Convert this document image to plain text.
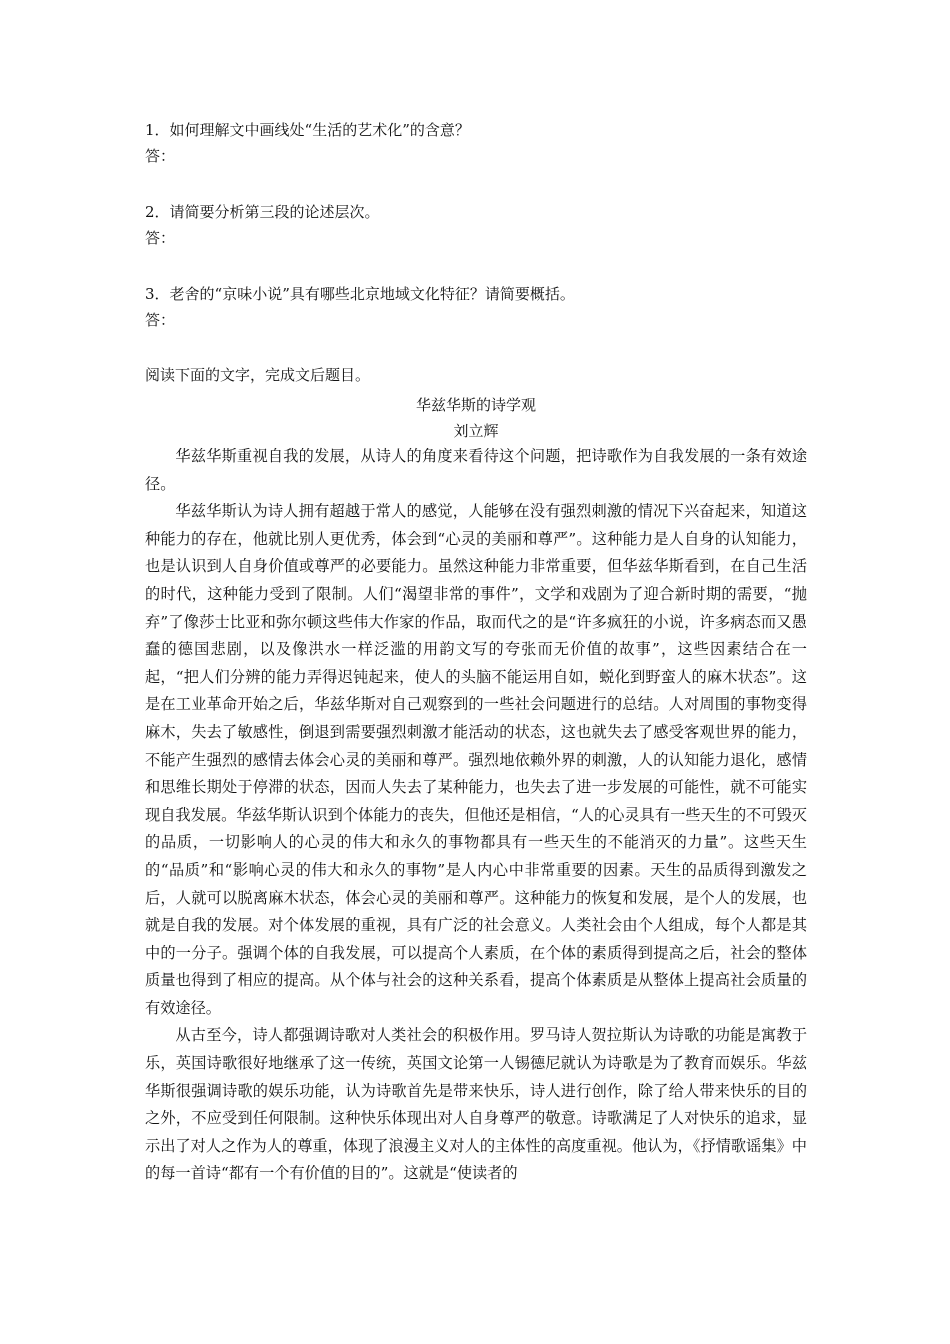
1．如何理解文中画线处“生活的艺术化”的含意？
答：
2．请简要分析第三段的论述层次。
答：
3．老舍的“京味小说”具有哪些北京地域文化特征？请简要概括。
答：
阅读下面的文字，完成文后题目。
华兹华斯的诗学观
刘立辉

华兹华斯重视自我的发展，从诗人的角度来看待这个问题，把诗歌作为自我发展的一条有效途径。

华兹华斯认为诗人拥有超越于常人的感觉，人能够在没有强烈刺激的情况下兴奋起来，知道这种能力的存在，他就比别人更优秀，体会到“心灵的美丽和尊严”。这种能力是人自身的认知能力，也是认识到人自身价值或尊严的必要能力。虽然这种能力非常重要，但华兹华斯看到，在自己生活的时代，这种能力受到了限制。人们“渴望非常的事件”，文学和戏剧为了迎合新时期的需要，“抛弃”了像莎士比亚和弥尔顿这些伟大作家的作品，取而代之的是“许多疯狂的小说，许多病态而又愚蠢的德国悲剧，以及像洪水一样泛滥的用韵文写的夸张而无价值的故事”，这些因素结合在一起，“把人们分辨的能力弄得迟钝起来，使人的头脑不能运用自如，蜕化到野蛮人的麻木状态”。这是在工业革命开始之后，华兹华斯对自己观察到的一些社会问题进行的总结。人对周围的事物变得麻木，失去了敏感性，倒退到需要强烈刺激才能活动的状态，这也就失去了感受客观世界的能力，不能产生强烈的感情去体会心灵的美丽和尊严。强烈地依赖外界的刺激，人的认知能力退化，感情和思维长期处于停滞的状态，因而人失去了某种能力，也失去了进一步发展的可能性，就不可能实现自我发展。华兹华斯认识到个体能力的丧失，但他还是相信，“人的心灵具有一些天生的不可毁灭的品质，一切影响人的心灵的伟大和永久的事物都具有一些天生的不能消灭的力量”。这些天生的“品质”和“影响心灵的伟大和永久的事物”是人内心中非常重要的因素。天生的品质得到激发之后，人就可以脱离麻木状态，体会心灵的美丽和尊严。这种能力的恢复和发展，是个人的发展，也就是自我的发展。对个体发展的重视，具有广泛的社会意义。人类社会由个人组成，每个人都是其中的一分子。强调个体的自我发展，可以提高个人素质，在个体的素质得到提高之后，社会的整体质量也得到了相应的提高。从个体与社会的这种关系看，提高个体素质是从整体上提高社会质量的有效途径。

从古至今，诗人都强调诗歌对人类社会的积极作用。罗马诗人贺拉斯认为诗歌的功能是寓教于乐，英国诗歌很好地继承了这一传统，英国文论第一人锡德尼就认为诗歌是为了教育而娱乐。华兹华斯很强调诗歌的娱乐功能，认为诗歌首先是带来快乐，诗人进行创作，除了给人带来快乐的目的之外，不应受到任何限制。这种快乐体现出对人自身尊严的敬意。诗歌满足了人对快乐的追求，显示出了对人之作为人的尊重，体现了浪漫主义对人的主体性的高度重视。他认为，《抒情歌谣集》中的每一首诗“都有一个有价值的目的”。这就是“使读者的
